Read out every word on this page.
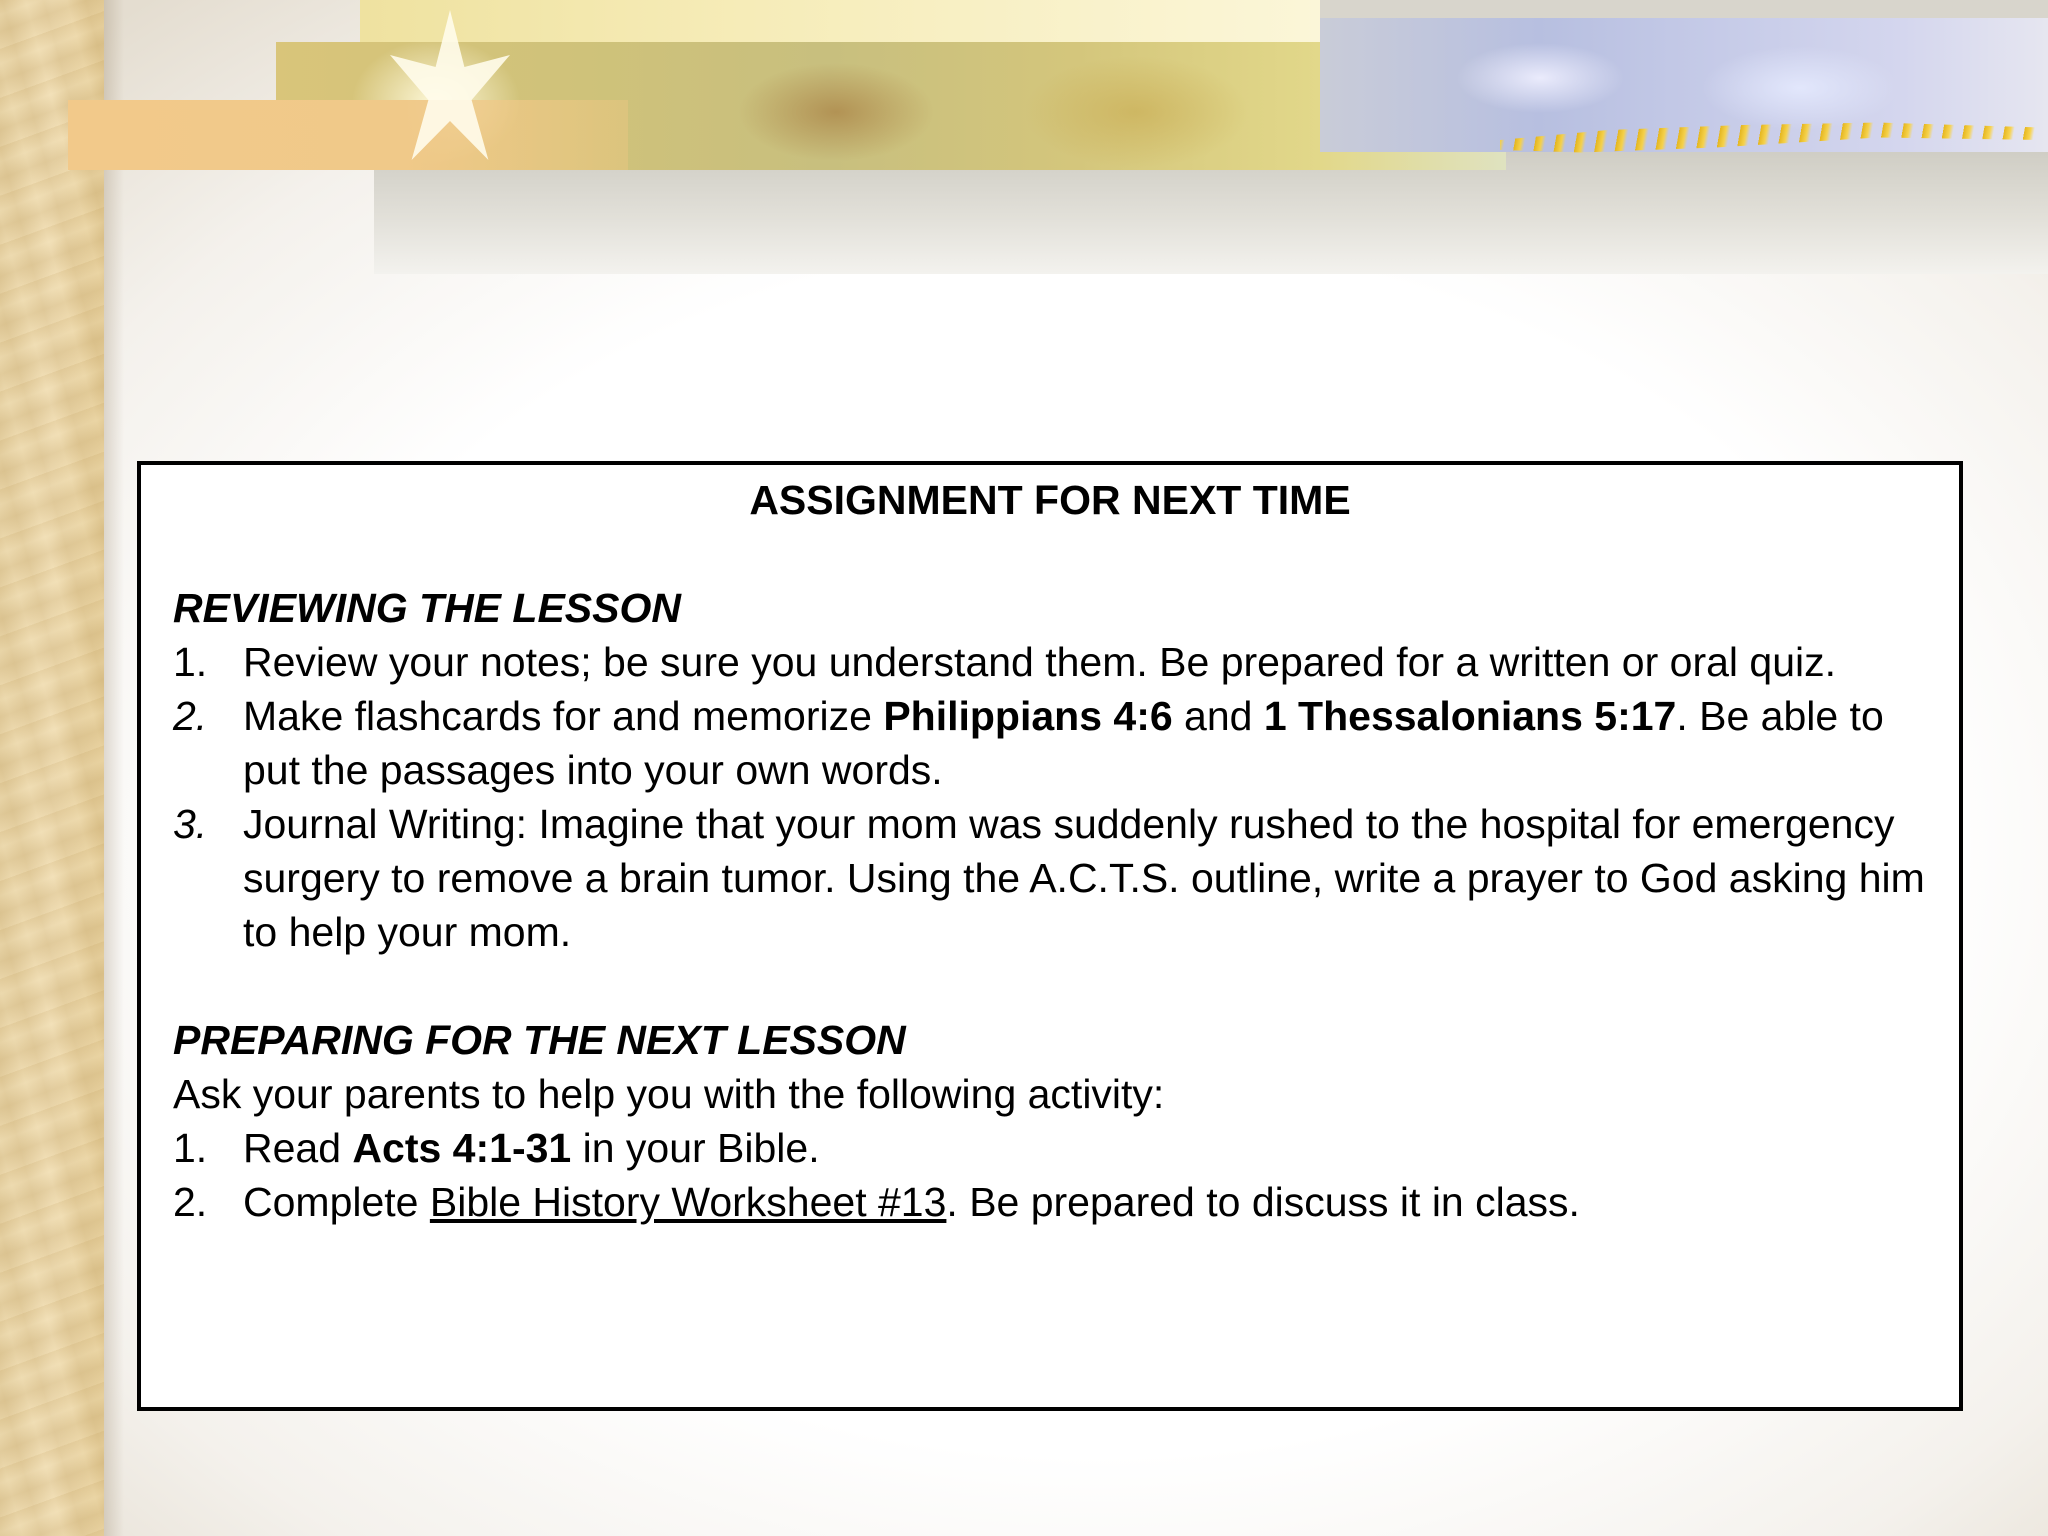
ASSIGNMENT FOR NEXT TIME
REVIEWING THE LESSON
1. Review your notes; be sure you understand them. Be prepared for a written or oral quiz.
2. Make flashcards for and memorize Philippians 4:6 and 1 Thessalonians 5:17. Be able to put the passages into your own words.
3. Journal Writing: Imagine that your mom was suddenly rushed to the hospital for emergency surgery to remove a brain tumor. Using the A.C.T.S. outline, write a prayer to God asking him to help your mom.
PREPARING FOR THE NEXT LESSON
Ask your parents to help you with the following activity:
1. Read Acts 4:1-31 in your Bible.
2. Complete Bible History Worksheet #13. Be prepared to discuss it in class.
